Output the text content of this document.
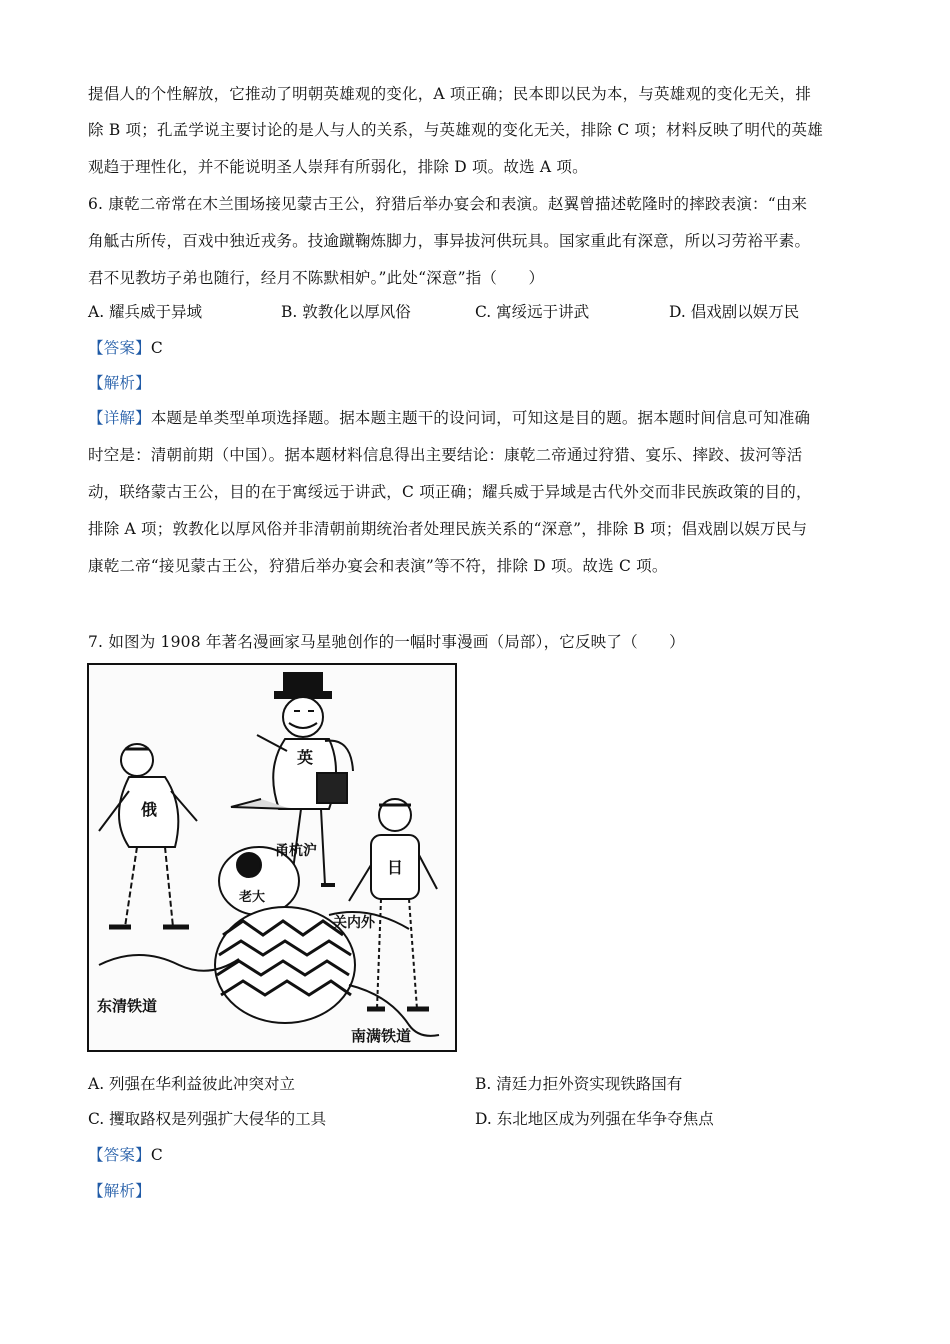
提倡人的个性解放，它推动了明朝英雄观的变化，A 项正确；民本即以民为本，与英雄观的变化无关，排
除 B 项；孔孟学说主要讨论的是人与人的关系，与英雄观的变化无关，排除 C 项；材料反映了明代的英雄
观趋于理性化，并不能说明圣人崇拜有所弱化，排除 D 项。故选 A 项。
6. 康乾二帝常在木兰围场接见蒙古王公，狩猎后举办宴会和表演。赵翼曾描述乾隆时的摔跤表演：“由来
角觝古所传，百戏中独近戎务。技逾蹴鞠炼脚力，事异拔河供玩具。国家重此有深意，所以习劳裕平素。
君不见教坊子弟也随行，经月不陈默相妒。”此处“深意”指（　　）
A. 耀兵威于异域	B. 敦教化以厚风俗	C. 寓绥远于讲武	D. 倡戏剧以娱万民
【答案】C
【解析】
【详解】本题是单类型单项选择题。据本题主题干的设问词，可知这是目的题。据本题时间信息可知准确
时空是：清朝前期（中国）。据本题材料信息得出主要结论：康乾二帝通过狩猎、宴乐、摔跤、拔河等活
动，联络蒙古王公，目的在于寓绥远于讲武，C 项正确；耀兵威于异域是古代外交而非民族政策的目的，
排除 A 项；敦教化以厚风俗并非清朝前期统治者处理民族关系的“深意”，排除 B 项；倡戏剧以娱万民与
康乾二帝“接见蒙古王公，狩猎后举办宴会和表演”等不符，排除 D 项。故选 C 项。
7. 如图为 1908 年著名漫画家马星驰创作的一幅时事漫画（局部），它反映了（　　）
英
俄
日
甬杭沪
关内外
老大
东清铁道
南满铁道
A. 列强在华利益彼此冲突对立	B. 清廷力拒外资实现铁路国有
C. 攫取路权是列强扩大侵华的工具	D. 东北地区成为列强在华争夺焦点
【答案】C
【解析】
